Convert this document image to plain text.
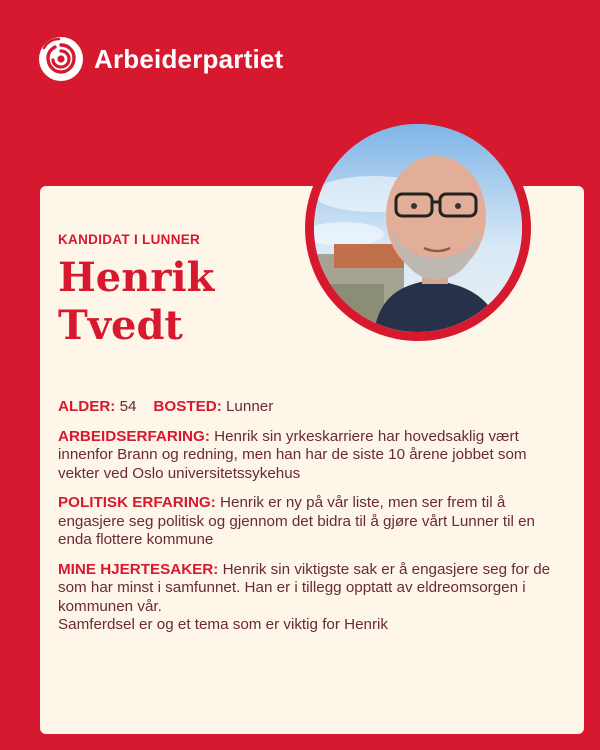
Arbeiderpartiet
KANDIDAT I LUNNER
Henrik
Tvedt
ALDER: 54 BOSTED: Lunner
ARBEIDSERFARING: Henrik sin yrkeskarriere har hovedsaklig vært innenfor Brann og redning, men han har de siste 10 årene jobbet som vekter ved Oslo universitetssykehus
POLITISK ERFARING: Henrik er ny på vår liste, men ser frem til å engasjere seg politisk og gjennom det bidra til å gjøre vårt Lunner til en enda flottere kommune
MINE HJERTESAKER: Henrik sin viktigste sak er å engasjere seg for de som har minst i samfunnet. Han er i tillegg opptatt av eldreomsorgen i kommunen vår.
Samferdsel er og et tema som er viktig for Henrik
